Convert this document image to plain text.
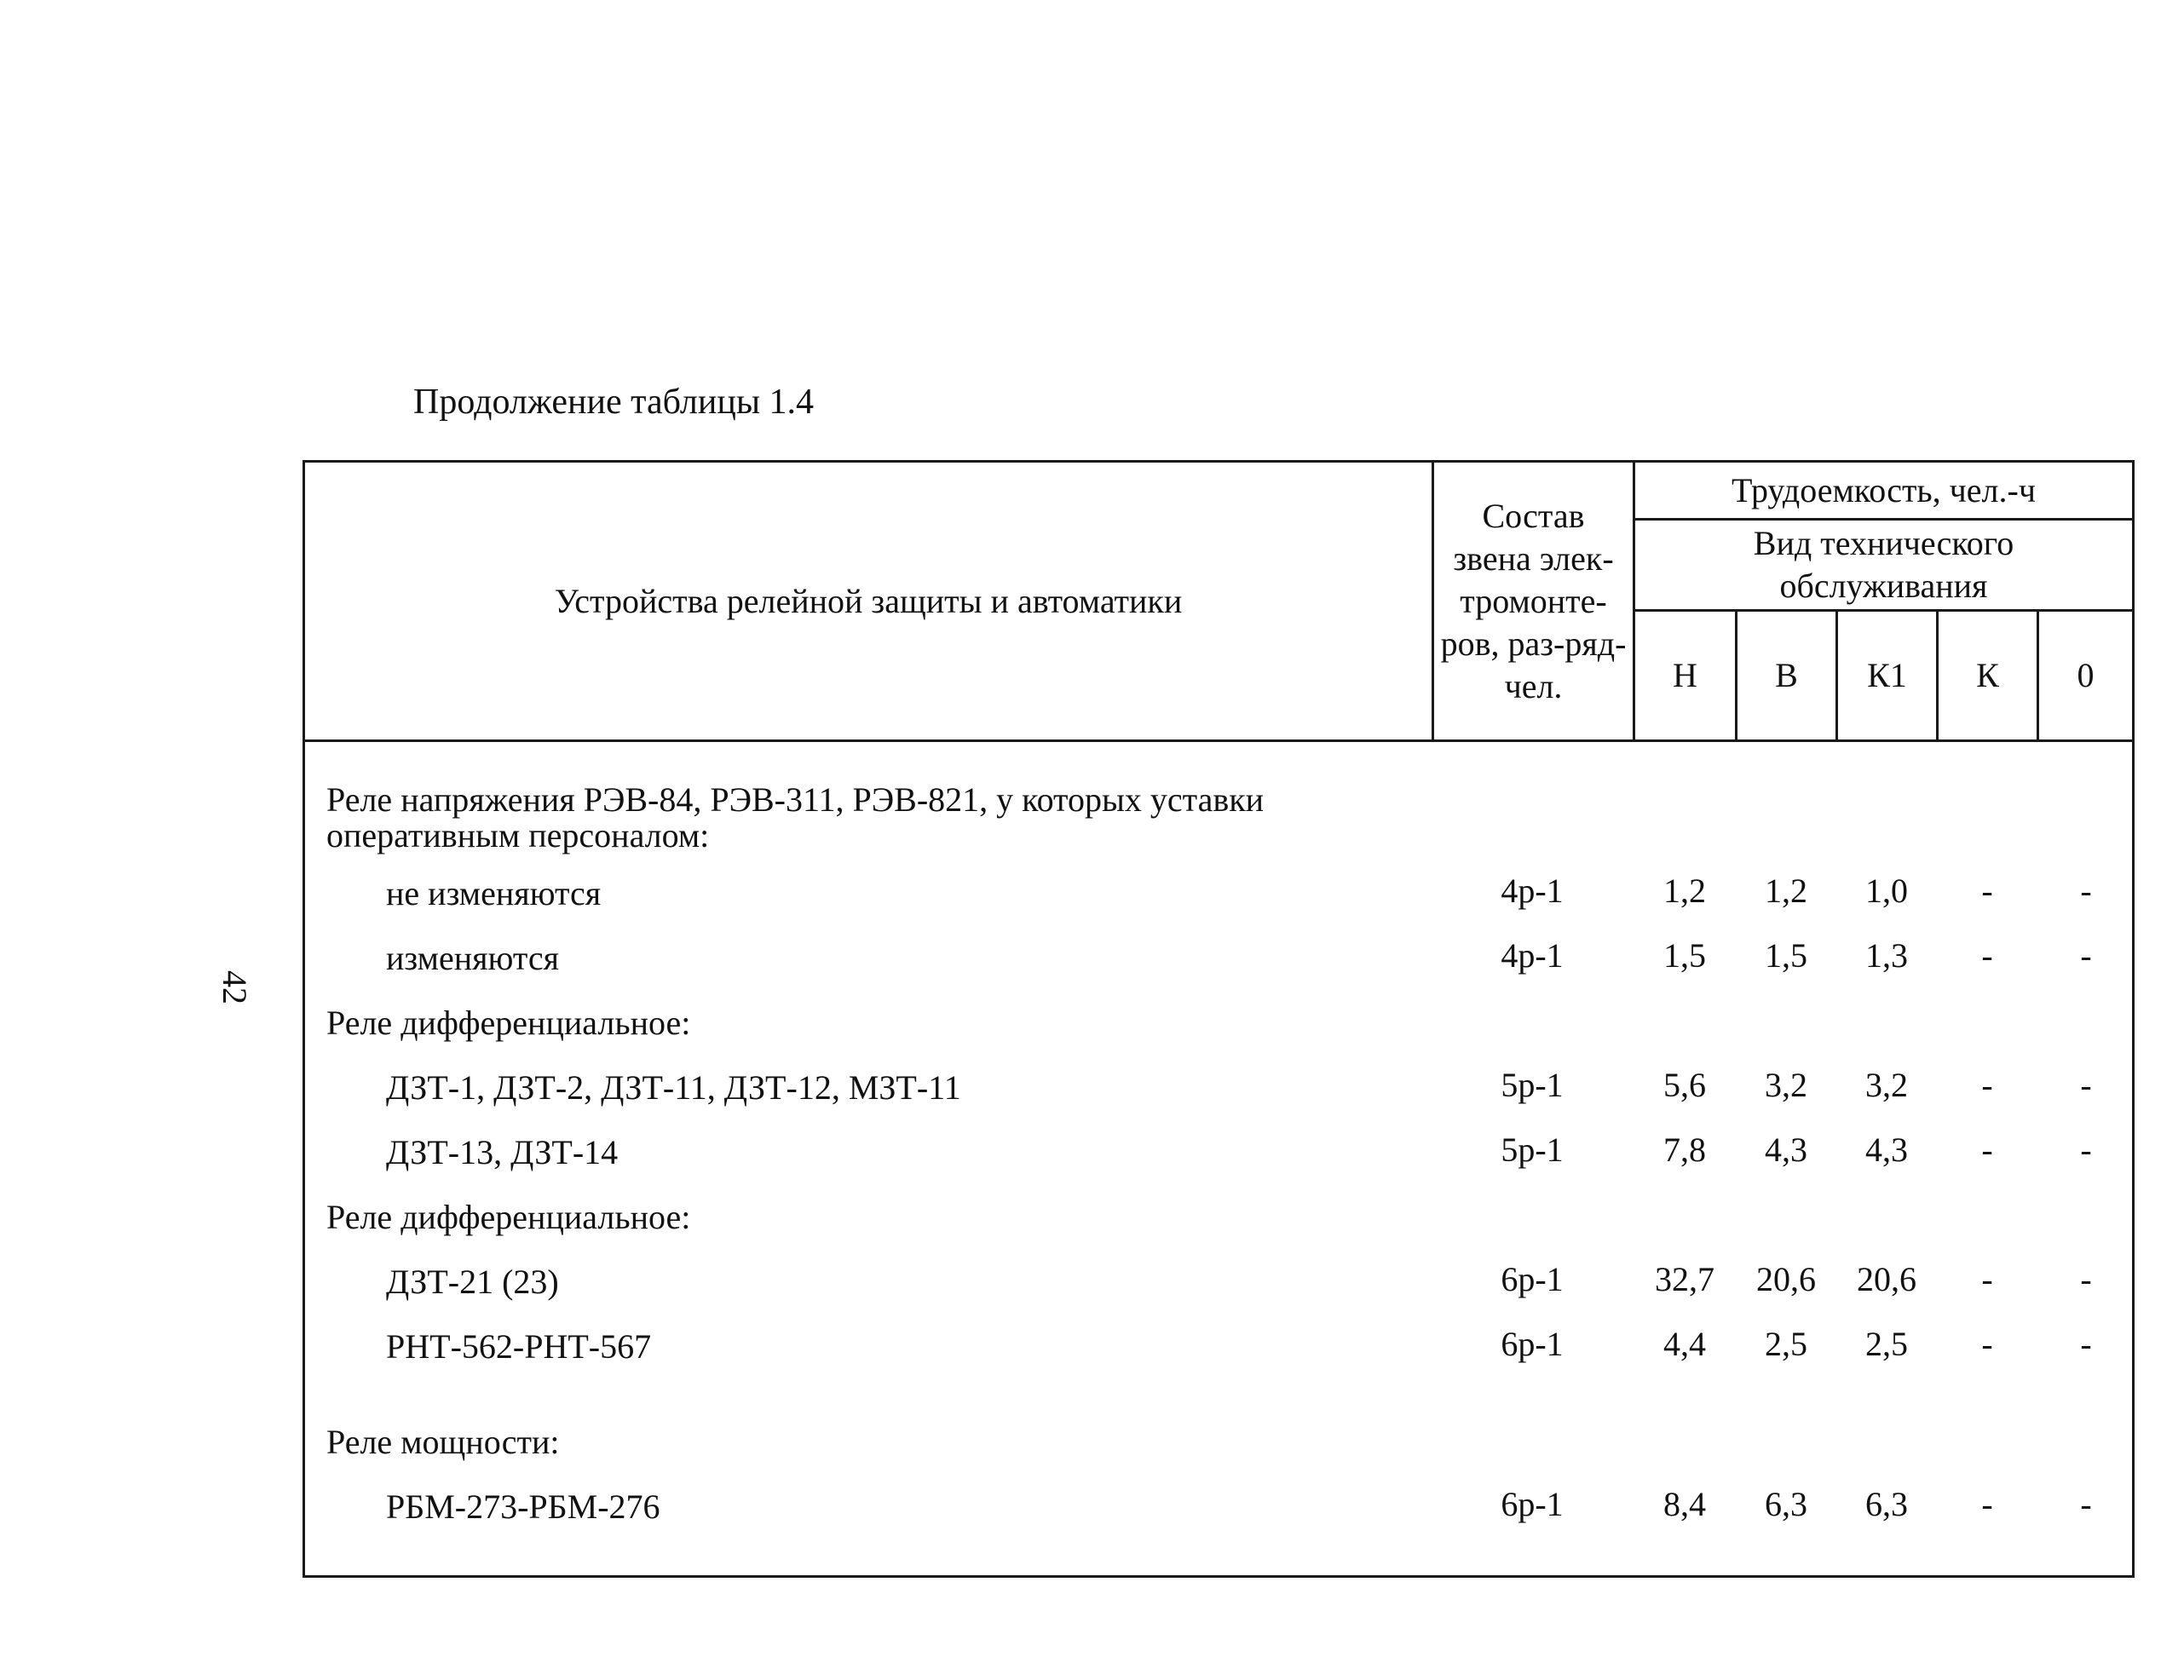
Продолжение таблицы 1.4
42
Устройства релейной защиты и автоматики
Состав звена элек-тромонте-ров, раз-ряд-чел.
Трудоемкость, чел.-ч
Вид технического обслуживания
Н	В	К1	К	0
Реле напряжения РЭВ-84, РЭВ-311, РЭВ-821, у которых уставки оперативным персоналом:
не изменяются	4р-1	1,2	1,2	1,0	-	-
изменяются	4р-1	1,5	1,5	1,3	-	-
Реле дифференциальное:
ДЗТ-1, ДЗТ-2, ДЗТ-11, ДЗТ-12, МЗТ-11	5р-1	5,6	3,2	3,2	-	-
ДЗТ-13, ДЗТ-14	5р-1	7,8	4,3	4,3	-	-
Реле дифференциальное:
ДЗТ-21 (23)	6р-1	32,7	20,6	20,6	-	-
РНТ-562-РНТ-567	6р-1	4,4	2,5	2,5	-	-
Реле мощности:
РБМ-273-РБМ-276	6р-1	8,4	6,3	6,3	-	-
